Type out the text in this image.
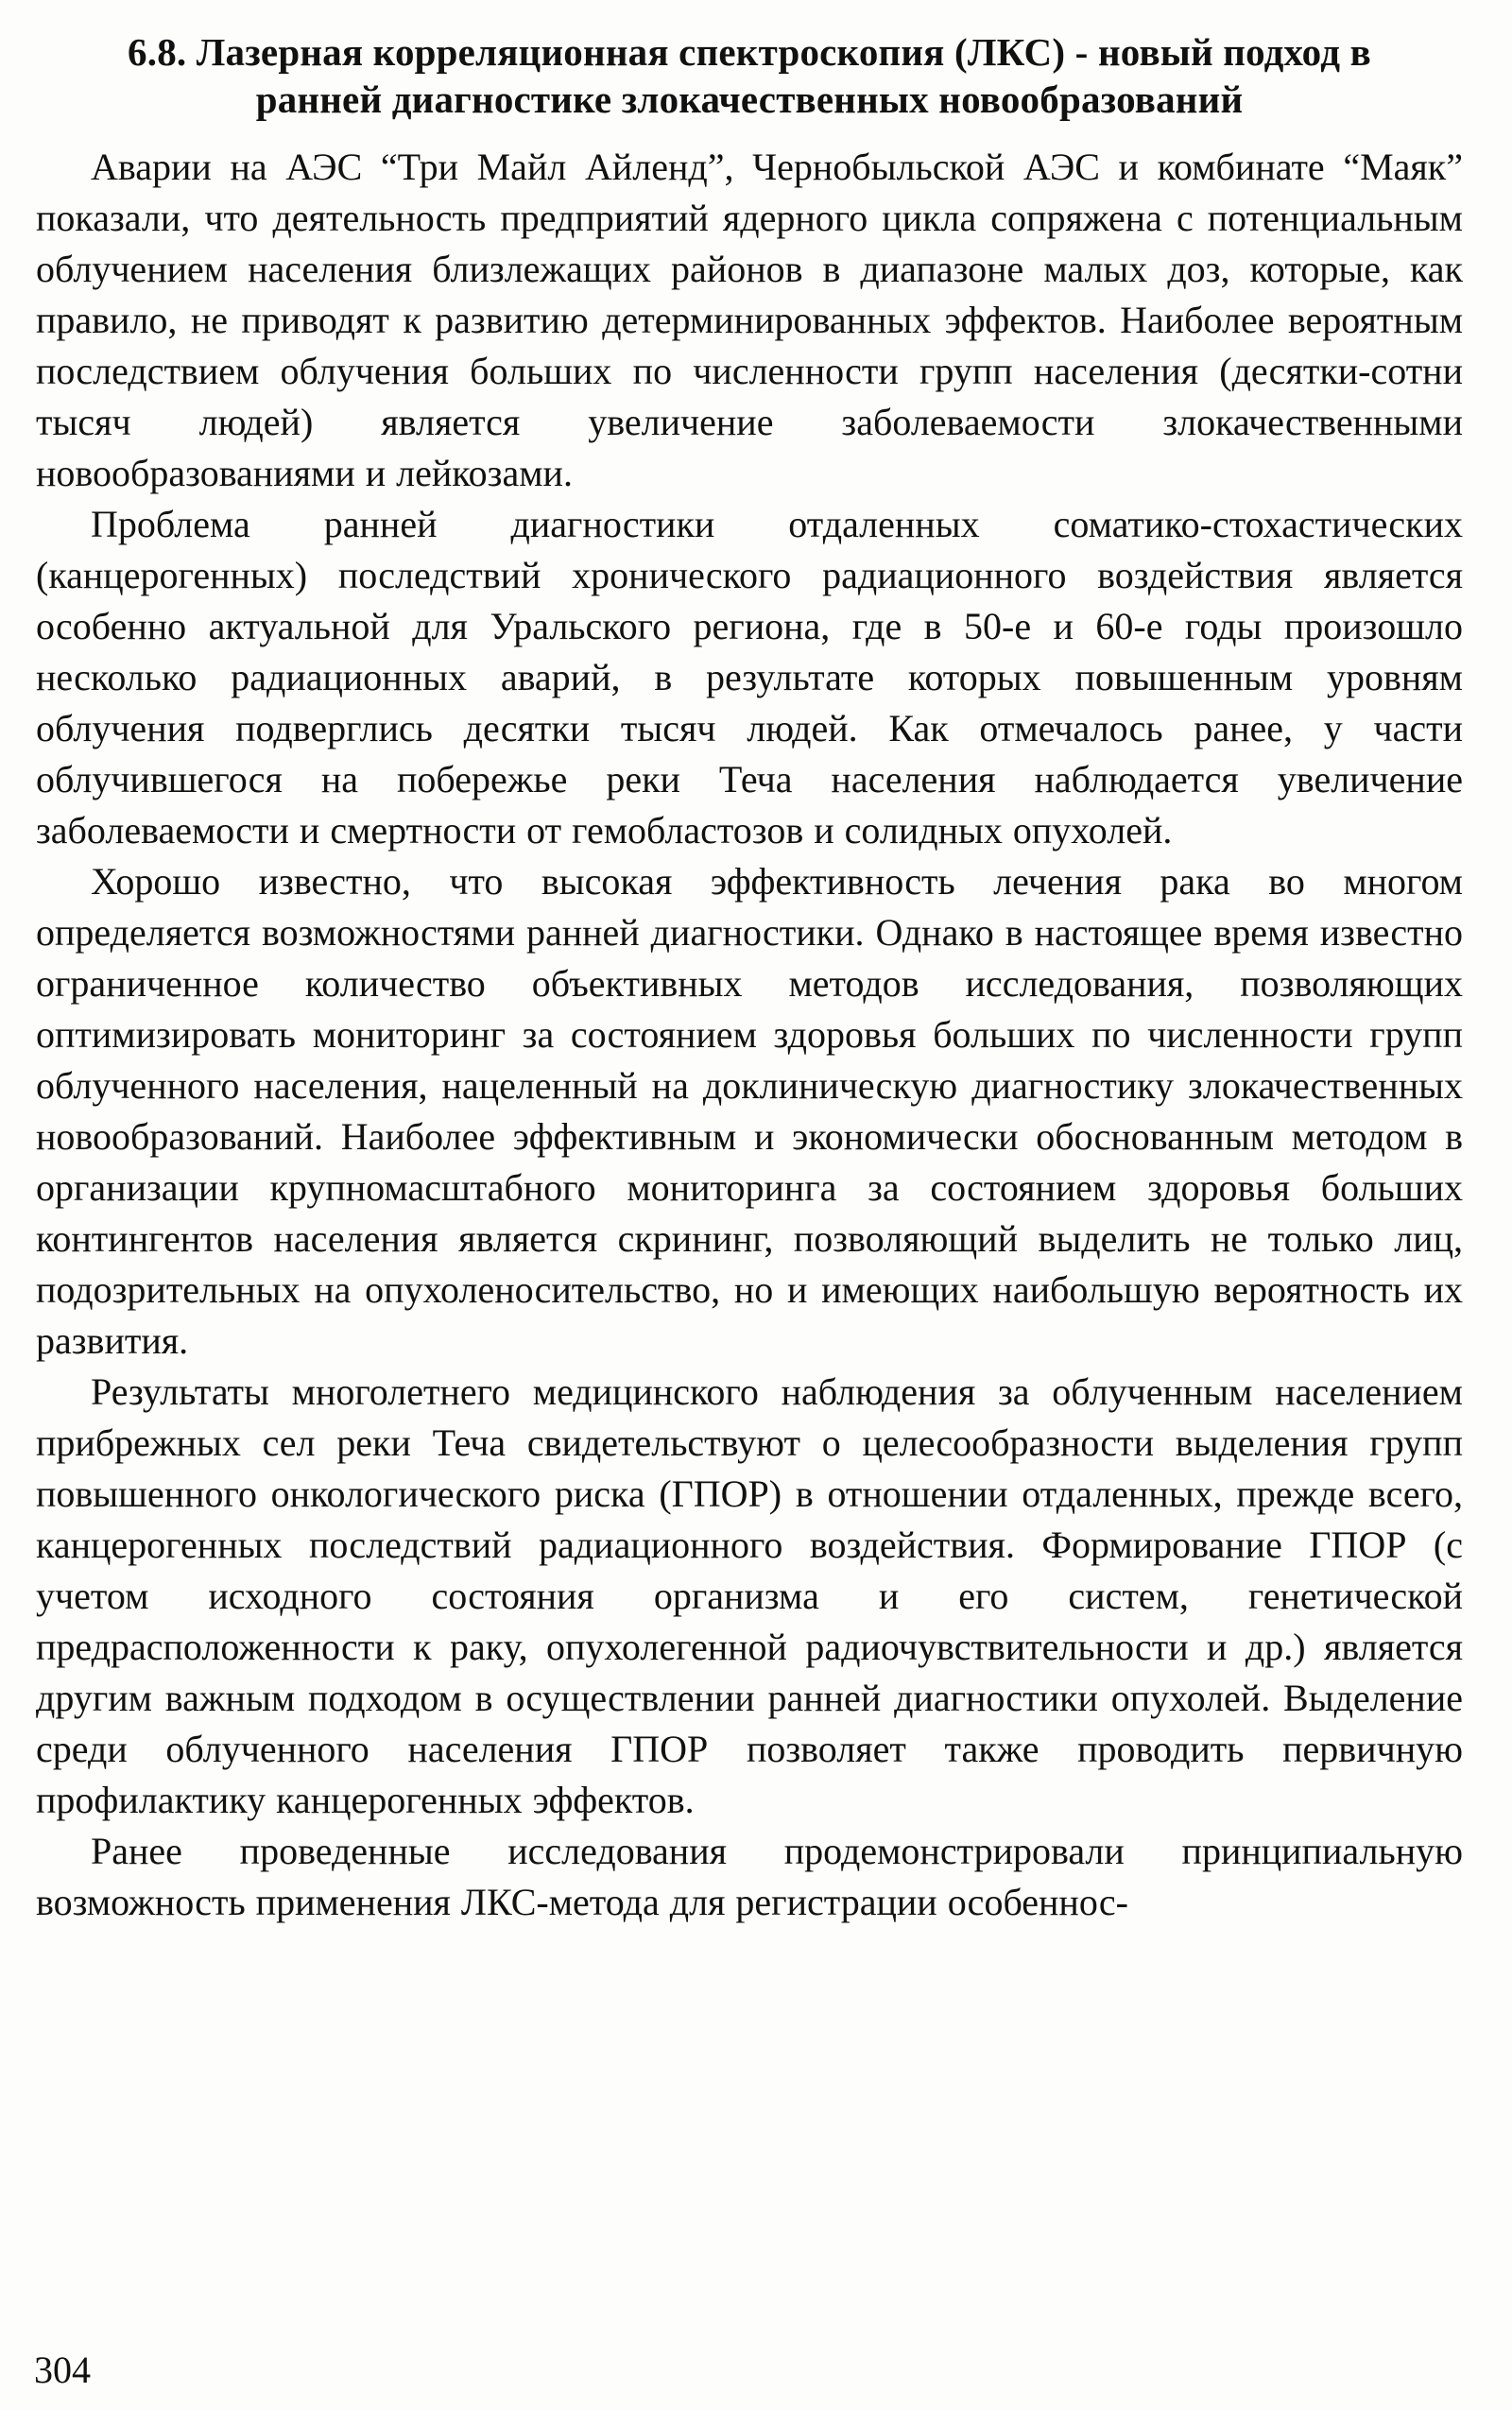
6.8. Лазерная корреляционная спектроскопия (ЛКС) - новый подход в ранней диагностике злокачественных новообразований

Аварии на АЭС “Три Майл Айленд”, Чернобыльской АЭС и комбинате “Маяк” показали, что деятельность предприятий ядерного цикла сопряжена с потенциальным облучением населения близлежащих районов в диапазоне малых доз, которые, как правило, не приводят к развитию детерминированных эффектов. Наиболее вероятным последствием облучения больших по численности групп населения (десятки-сотни тысяч людей) является увеличение заболеваемости злокачественными новообразованиями и лейкозами.

Проблема ранней диагностики отдаленных соматико-стохастических (канцерогенных) последствий хронического радиационного воздействия является особенно актуальной для Уральского региона, где в 50-е и 60-е годы произошло несколько радиационных аварий, в результате которых повышенным уровням облучения подверглись десятки тысяч людей. Как отмечалось ранее, у части облучившегося на побережье реки Теча населения наблюдается увеличение заболеваемости и смертности от гемобластозов и солидных опухолей.

Хорошо известно, что высокая эффективность лечения рака во многом определяется возможностями ранней диагностики. Однако в настоящее время известно ограниченное количество объективных методов исследования, позволяющих оптимизировать мониторинг за состоянием здоровья больших по численности групп облученного населения, нацеленный на доклиническую диагностику злокачественных новообразований. Наиболее эффективным и экономически обоснованным методом в организации крупномасштабного мониторинга за состоянием здоровья больших контингентов населения является скрининг, позволяющий выделить не только лиц, подозрительных на опухоленосительство, но и имеющих наибольшую вероятность их развития.

Результаты многолетнего медицинского наблюдения за облученным населением прибрежных сел реки Теча свидетельствуют о целесообразности выделения групп повышенного онкологического риска (ГПОР) в отношении отдаленных, прежде всего, канцерогенных последствий радиационного воздействия. Формирование ГПОР (с учетом исходного состояния организма и его систем, генетической предрасположенности к раку, опухолегенной радиочувствительности и др.) является другим важным подходом в осуществлении ранней диагностики опухолей. Выделение среди облученного населения ГПОР позволяет также проводить первичную профилактику канцерогенных эффектов.

Ранее проведенные исследования продемонстрировали принципиальную возможность применения ЛКС-метода для регистрации особеннос-

304
